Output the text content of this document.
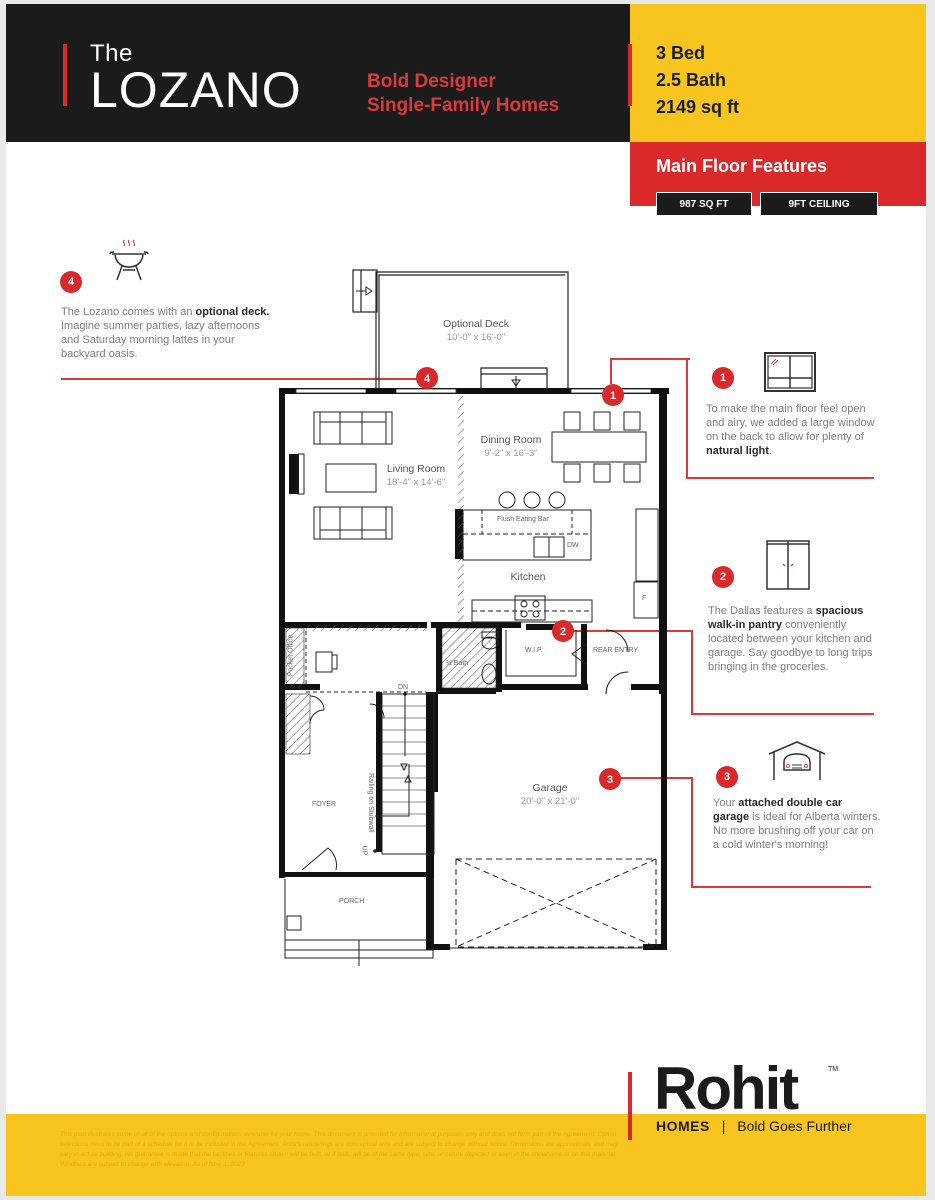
The
LOZANO	Bold Designer
Single-Family Homes
3 Bed
2.5 Bath
2149 sq ft
Main Floor Features
987 SQ FT	9FT CEILING
4
The Lozano comes with an optional deck. Imagine summer parties, lazy afternoons and Saturday morning lattes in your backyard oasis.
1
To make the main floor feel open and airy, we added a large window on the back to allow for plenty of natural light.
2
The Dallas features a spacious walk-in pantry conveniently located between your kitchen and garage. Say goodbye to long trips bringing in the groceries.
3
Your attached double car garage is ideal for Alberta winters. No more brushing off your car on a cold winter's morning!
4
1
2
3
Optional Deck
10'-0" x 16'-0"
Living Room
18'-4" x 14'-6"
Dining Room
9'-2" x 16'-3"
Kitchen
Garage
20'-0" x 21'-0"
Flush Eating Bar
DW
F
W.I.P.	REAR ENTRY
½ Bath
Pocket Office
DN
UP
Railing on Stubwall
FOYER
PORCH
This plan illustrates some or all of the options and configurations available for your home. This document is provided for informational purposes only and does not form part of the Agreement. Option selections need to be part of a schedule for it to be included in the Agreement. Artist's renderings are conceptual only and are subject to change without notice. Dimensions are approximate and may vary in actual building. No guarantee is made that the facilities or features shown will be built, or if built, will be of the same type, size, or nature depicted or seen in the showhome or on this material. Windows are subject to change with elevation. As of Nov. 1, 2023
Rohit	TM
HOMES | Bold Goes Further
